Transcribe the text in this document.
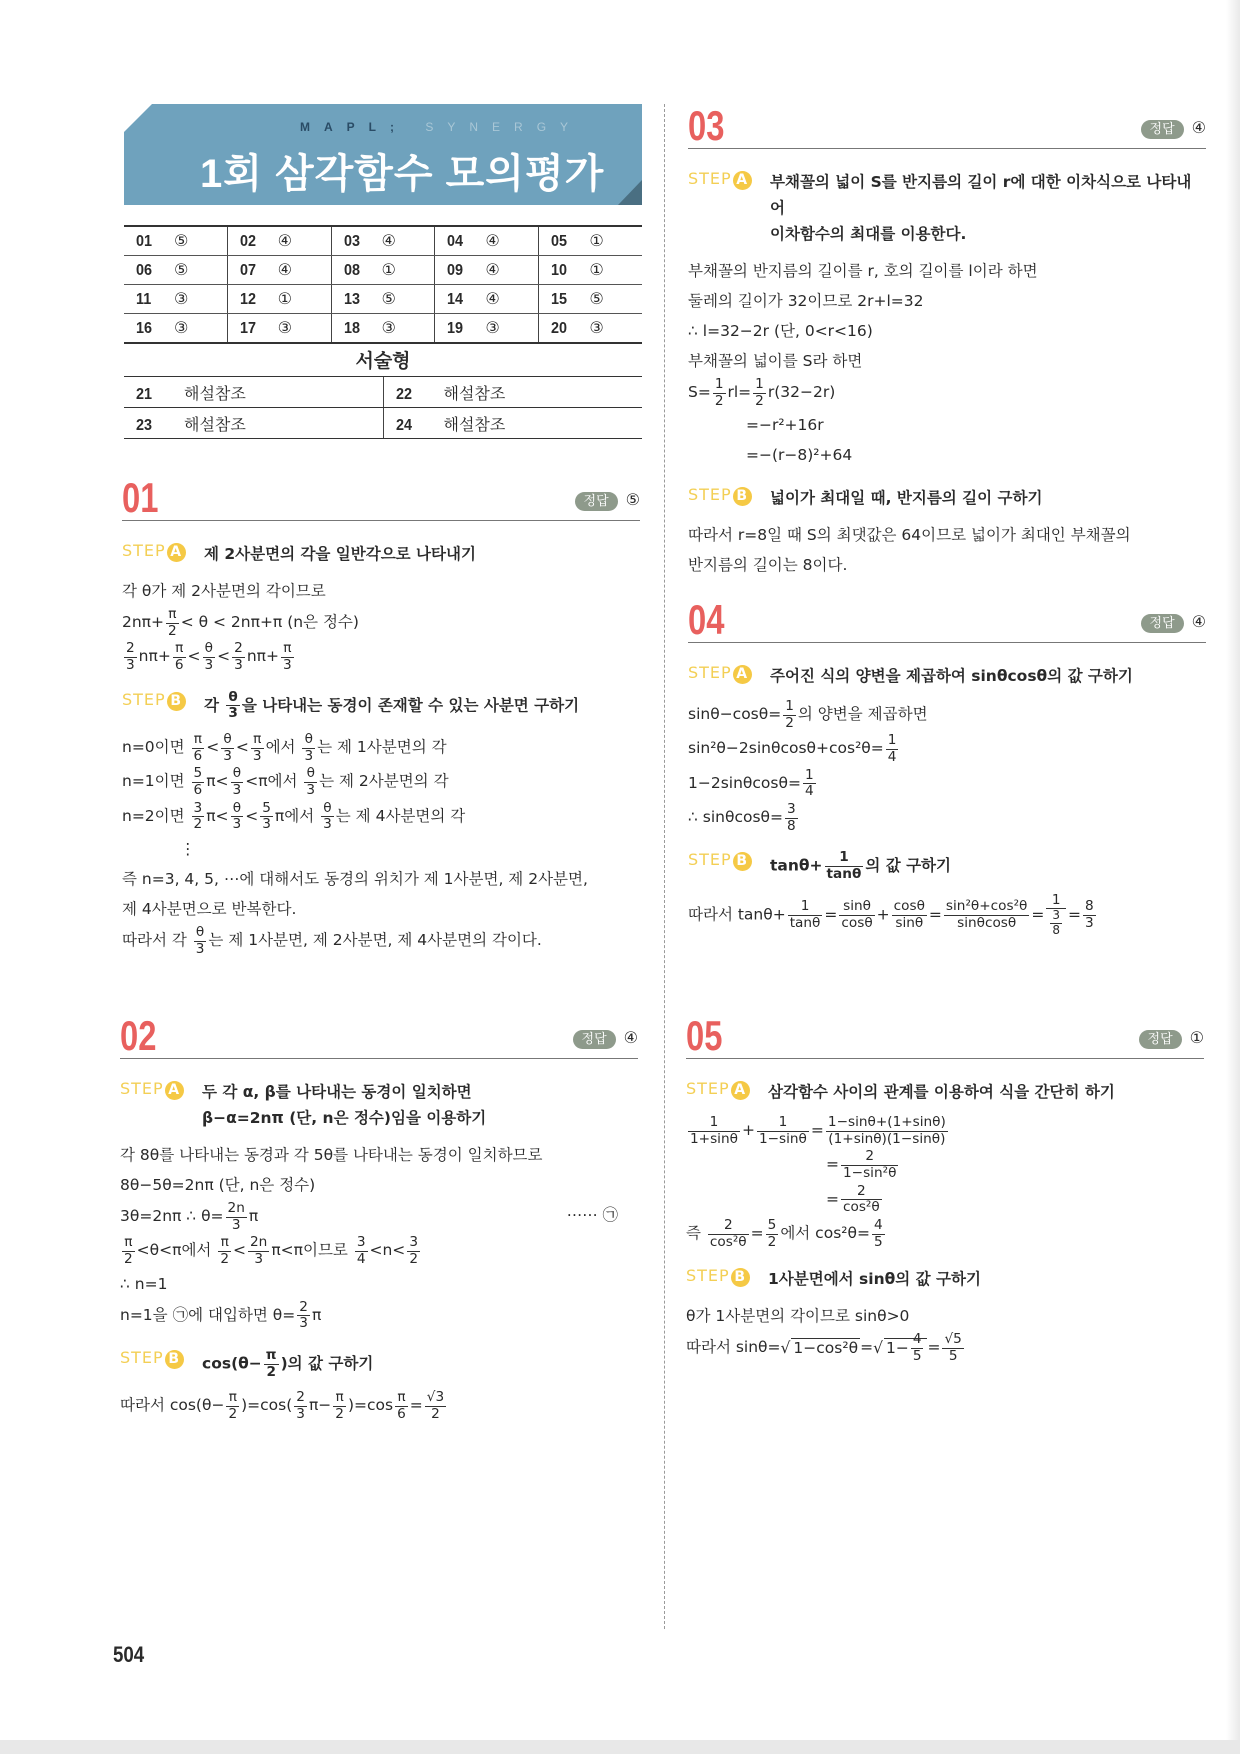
MAPL; SYNERGY
1회 삼각함수 모의평가
01 ⑤	02 ④	03 ④	04 ④	05 ①
06 ⑤	07 ④	08 ①	09 ④	10 ①
11 ③	12 ①	13 ⑤	14 ④	15 ⑤
16 ③	17 ③	18 ③	19 ③	20 ③
서술형
21 해설참조	22 해설참조
23 해설참조	24 해설참조
01	정답 ⑤
STEP A	제 2사분면의 각을 일반각으로 나타내기
각 θ가 제 2사분면의 각이므로
$2n\pi+ \frac{\pi}{2} < \theta < 2n\pi+\pi$ (n은 정수)
$\frac{2}{3} n\pi+ \frac{\pi}{6} < \frac{\theta}{3} < \frac{2}{3} n\pi+ \frac{\pi}{3}$
STEP B	각 $\frac{\theta}{3}$ 을 나타내는 동경이 존재할 수 있는 사분면 구하기
n=0이면 $\frac{\pi}{6} < \frac{\theta}{3} < \frac{\pi}{3}$ 에서 $\frac{\theta}{3}$ 는 제 1사분면의 각
n=1이면 $\frac{5}{6} \pi< \frac{\theta}{3} <\pi$에서 $\frac{\theta}{3}$ 는 제 2사분면의 각
n=2이면 $\frac{3}{2} \pi< \frac{\theta}{3} < \frac{5}{3}$ π에서 $\frac{\theta}{3}$ 는 제 4사분면의 각
⋮
즉 n=3, 4, 5, ⋯에 대해서도 동경의 위치가 제 1사분면, 제 2사분면,
제 4사분면으로 반복한다.
따라서 각 $\frac{\theta}{3}$ 는 제 1사분면, 제 2사분면, 제 4사분면의 각이다.
02	정답 ④
STEP A	두 각 α, β를 나타내는 동경이 일치하면
β−α=2nπ (단, n은 정수)임을 이용하기
각 8θ를 나타내는 동경과 각 5θ를 나타내는 동경이 일치하므로
8θ−5θ=2nπ (단, n은 정수)
⋯⋯ ㉠
3θ=2nπ ∴ $\theta= \frac{2n}{3}$ π
$\frac{\pi}{2} <\theta<\pi$에서 $\frac{\pi}{2} < \frac{2n}{3} \pi<\pi$이므로 $\frac{3}{4} <n< \frac{3}{2}$
∴ n=1
n=1을 ㉠에 대입하면 $\theta= \frac{2}{3}$ π
STEP B	$\cos(\theta- \frac{\pi}{2}$ )의 값 구하기
따라서 $\cos(\theta- \frac{\pi}{2} )=\cos( \frac{2}{3} \pi- \frac{\pi}{2} )=\cos \frac{\pi}{6} = \frac{√3}{2}$
03	정답 ④
STEP A	부채꼴의 넓이 S를 반지름의 길이 r에 대한 이차식으로 나타내어
이차함수의 최대를 이용한다.
부채꼴의 반지름의 길이를 r, 호의 길이를 l이라 하면
둘레의 길이가 32이므로 2r+l=32
∴ l=32−2r (단, 0<r<16)
부채꼴의 넓이를 S라 하면
$S= \frac{1}{2} rl= \frac{1}{2} r(32-2r)$
=−r²+16r
=−(r−8)²+64
STEP B	넓이가 최대일 때, 반지름의 길이 구하기
따라서 r=8일 때 S의 최댓값은 64이므로 넓이가 최대인 부채꼴의
반지름의 길이는 8이다.
04	정답 ④
STEP A	주어진 식의 양변을 제곱하여 sinθcosθ의 값 구하기
$\sin\theta-\cos\theta= \frac{1}{2}$ 의 양변을 제곱하면
$\sin^2\theta-2\sin\theta\cos\theta+\cos^2\theta= \frac{1}{4}$
$1-2\sin\theta\cos\theta= \frac{1}{4}$
∴ $\sin\theta\cos\theta= \frac{3}{8}$
STEP B	$\tan\theta+ \frac{1}{\tan\theta}$ 의 값 구하기
따라서 $\tan\theta+ \frac{1}{\tan\theta} = \frac{\sin\theta}{\cos\theta} + \frac{\cos\theta}{\sin\theta} = \frac{\text{sin²θ+cos²θ}}{\sin\theta\cos\theta} = \frac{1}{\frac{3}{8}} = \frac{8}{3}$
05	정답 ①
STEP A	삼각함수 사이의 관계를 이용하여 식을 간단히 하기
$\frac{1}{1+\sin\theta} + \frac{1}{1-\sin\theta} = \frac{1-\sin\theta+(1+\sin\theta)}{(1+\sin\theta)(1-\sin\theta)}$
= $\frac{2}{\text{1−sin²θ}}$
= $\frac{2}{\text{cos²θ}}$
즉 $\frac{2}{\text{cos²θ}} = \frac{5}{2}$ 에서 $\cos^2\theta= \frac{4}{5}$
STEP B	1사분면에서 sinθ의 값 구하기
θ가 1사분면의 각이므로 sinθ>0
따라서 sinθ=√ 1−cos²θ =√ $1- \frac{4}{5} = \frac{√5}{5}$
504
